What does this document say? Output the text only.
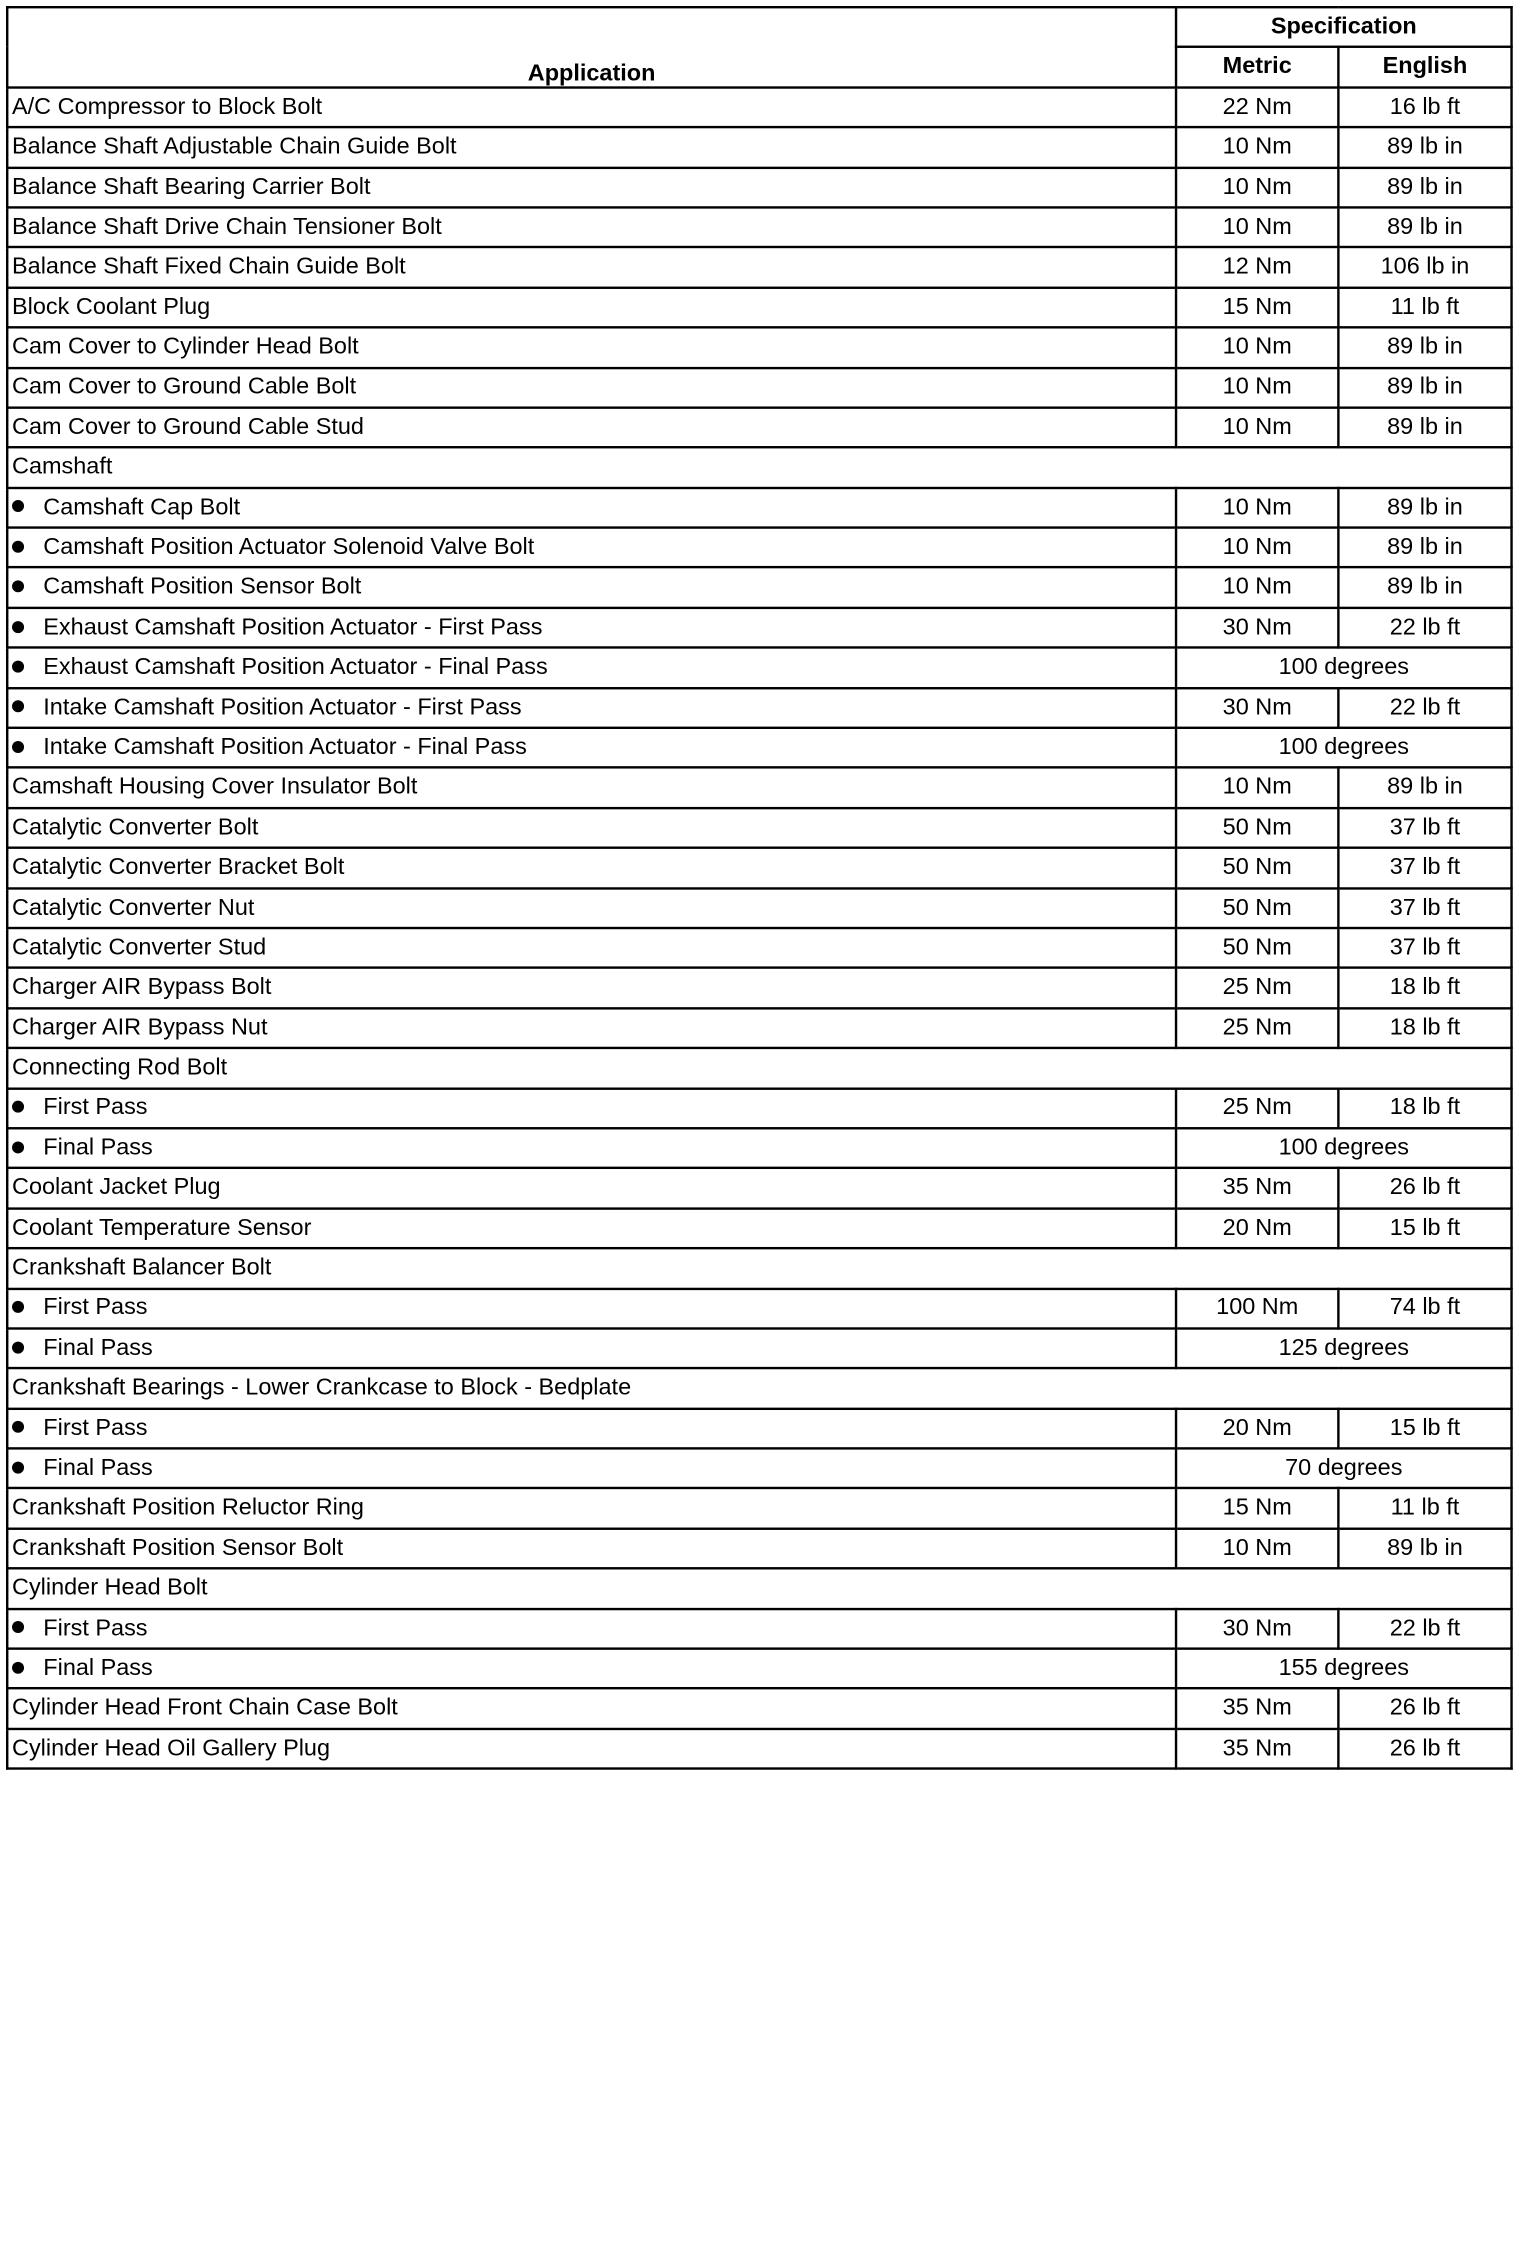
Application	Specification	
	Metric	English
A/C Compressor to Block Bolt	22 Nm	16 lb ft
Balance Shaft Adjustable Chain Guide Bolt	10 Nm	89 lb in
Balance Shaft Bearing Carrier Bolt	10 Nm	89 lb in
Balance Shaft Drive Chain Tensioner Bolt	10 Nm	89 lb in
Balance Shaft Fixed Chain Guide Bolt	12 Nm	106 lb in
Block Coolant Plug	15 Nm	11 lb ft
Cam Cover to Cylinder Head Bolt	10 Nm	89 lb in
Cam Cover to Ground Cable Bolt	10 Nm	89 lb in
Cam Cover to Ground Cable Stud	10 Nm	89 lb in
Camshaft		
Camshaft Cap Bolt	10 Nm	89 lb in
Camshaft Position Actuator Solenoid Valve Bolt	10 Nm	89 lb in
Camshaft Position Sensor Bolt	10 Nm	89 lb in
Exhaust Camshaft Position Actuator - First Pass	30 Nm	22 lb ft
Exhaust Camshaft Position Actuator - Final Pass	100 degrees	
Intake Camshaft Position Actuator - First Pass	30 Nm	22 lb ft
Intake Camshaft Position Actuator - Final Pass	100 degrees	
Camshaft Housing Cover Insulator Bolt	10 Nm	89 lb in
Catalytic Converter Bolt	50 Nm	37 lb ft
Catalytic Converter Bracket Bolt	50 Nm	37 lb ft
Catalytic Converter Nut	50 Nm	37 lb ft
Catalytic Converter Stud	50 Nm	37 lb ft
Charger AIR Bypass Bolt	25 Nm	18 lb ft
Charger AIR Bypass Nut	25 Nm	18 lb ft
Connecting Rod Bolt		
First Pass	25 Nm	18 lb ft
Final Pass	100 degrees	
Coolant Jacket Plug	35 Nm	26 lb ft
Coolant Temperature Sensor	20 Nm	15 lb ft
Crankshaft Balancer Bolt		
First Pass	100 Nm	74 lb ft
Final Pass	125 degrees	
Crankshaft Bearings - Lower Crankcase to Block - Bedplate		
First Pass	20 Nm	15 lb ft
Final Pass	70 degrees	
Crankshaft Position Reluctor Ring	15 Nm	11 lb ft
Crankshaft Position Sensor Bolt	10 Nm	89 lb in
Cylinder Head Bolt		
First Pass	30 Nm	22 lb ft
Final Pass	155 degrees	
Cylinder Head Front Chain Case Bolt	35 Nm	26 lb ft
Cylinder Head Oil Gallery Plug	35 Nm	26 lb ft
